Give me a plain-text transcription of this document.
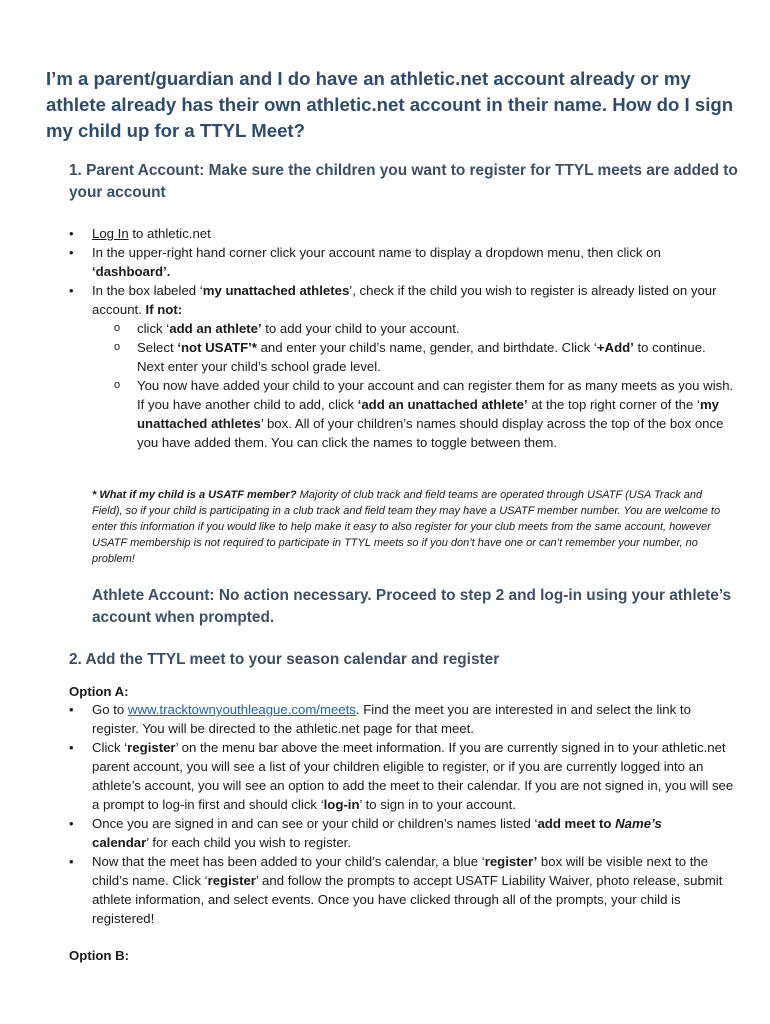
I’m a parent/guardian and I do have an athletic.net account already or my athlete already has their own athletic.net account in their name. How do I sign my child up for a TTYL Meet?
1. Parent Account: Make sure the children you want to register for TTYL meets are added to your account
• Log In to athletic.net
• In the upper-right hand corner click your account name to display a dropdown menu, then click on ‘dashboard’.
• In the box labeled ‘my unattached athletes’, check if the child you wish to register is already listed on your account. If not:
o click ‘add an athlete’ to add your child to your account.
o Select ‘not USATF’* and enter your child’s name, gender, and birthdate. Click ‘+Add’ to continue. Next enter your child’s school grade level.
o You now have added your child to your account and can register them for as many meets as you wish. If you have another child to add, click ‘add an unattached athlete’ at the top right corner of the ‘my unattached athletes’ box. All of your children’s names should display across the top of the box once you have added them. You can click the names to toggle between them.

* What if my child is a USATF member? Majority of club track and field teams are operated through USATF (USA Track and Field), so if your child is participating in a club track and field team they may have a USATF member number. You are welcome to enter this information if you would like to help make it easy to also register for your club meets from the same account, however USATF membership is not required to participate in TTYL meets so if you don’t have one or can’t remember your number, no problem!

Athlete Account: No action necessary. Proceed to step 2 and log-in using your athlete’s account when prompted.
2. Add the TTYL meet to your season calendar and register

Option A:

• Go to www.tracktownyouthleague.com/meets. Find the meet you are interested in and select the link to register. You will be directed to the athletic.net page for that meet.
• Click ‘register’ on the menu bar above the meet information. If you are currently signed in to your athletic.net parent account, you will see a list of your children eligible to register, or if you are currently logged into an athlete’s account, you will see an option to add the meet to their calendar. If you are not signed in, you will see a prompt to log-in first and should click ‘log-in’ to sign in to your account.
• Once you are signed in and can see or your child or children’s names listed ‘add meet to Name’s
calendar’ for each child you wish to register.
• Now that the meet has been added to your child’s calendar, a blue ‘register’ box will be visible next to the child’s name. Click ‘register’ and follow the prompts to accept USATF Liability Waiver, photo release, submit athlete information, and select events. Once you have clicked through all of the prompts, your child is registered!

Option B:
